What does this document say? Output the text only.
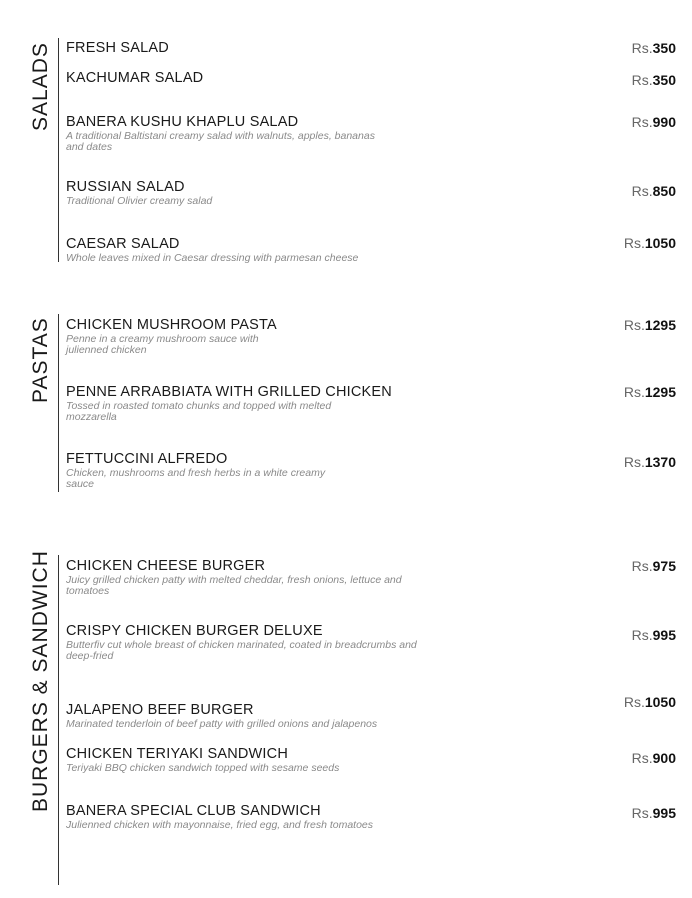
SALADS FRESH SALAD	Rs.350
KACHUMAR SALAD	Rs.350
BANERA KUSHU KHAPLU SALAD
A traditional Baltistani creamy salad with walnuts, apples, bananas and dates
Rs.990
RUSSIAN SALAD
Traditional Olivier creamy salad
Rs.850
CAESAR SALAD
Whole leaves mixed in Caesar dressing with parmesan cheese
Rs.1050
PASTAS CHICKEN MUSHROOM PASTA
Penne in a creamy mushroom sauce with julienned chicken
Rs.1295
PENNE ARRABBIATA WITH GRILLED CHICKEN
Tossed in roasted tomato chunks and topped with melted mozzarella
Rs.1295
FETTUCCINI ALFREDO
Chicken, mushrooms and fresh herbs in a white creamy sauce
Rs.1370
BURGERS & SANDWICH CHICKEN CHEESE BURGER
Juicy grilled chicken patty with melted cheddar, fresh onions, lettuce and tomatoes
Rs.975
CRISPY CHICKEN BURGER DELUXE
Butterfiv cut whole breast of chicken marinated, coated in breadcrumbs and deep-fried
Rs.995
JALAPENO BEEF BURGER
Marinated tenderloin of beef patty with grilled onions and jalapenos
Rs.1050
CHICKEN TERIYAKI SANDWICH
Teriyaki BBQ chicken sandwich topped with sesame seeds
Rs.900
BANERA SPECIAL CLUB SANDWICH
Julienned chicken with mayonnaise, fried egg, and fresh tomatoes
Rs.995
